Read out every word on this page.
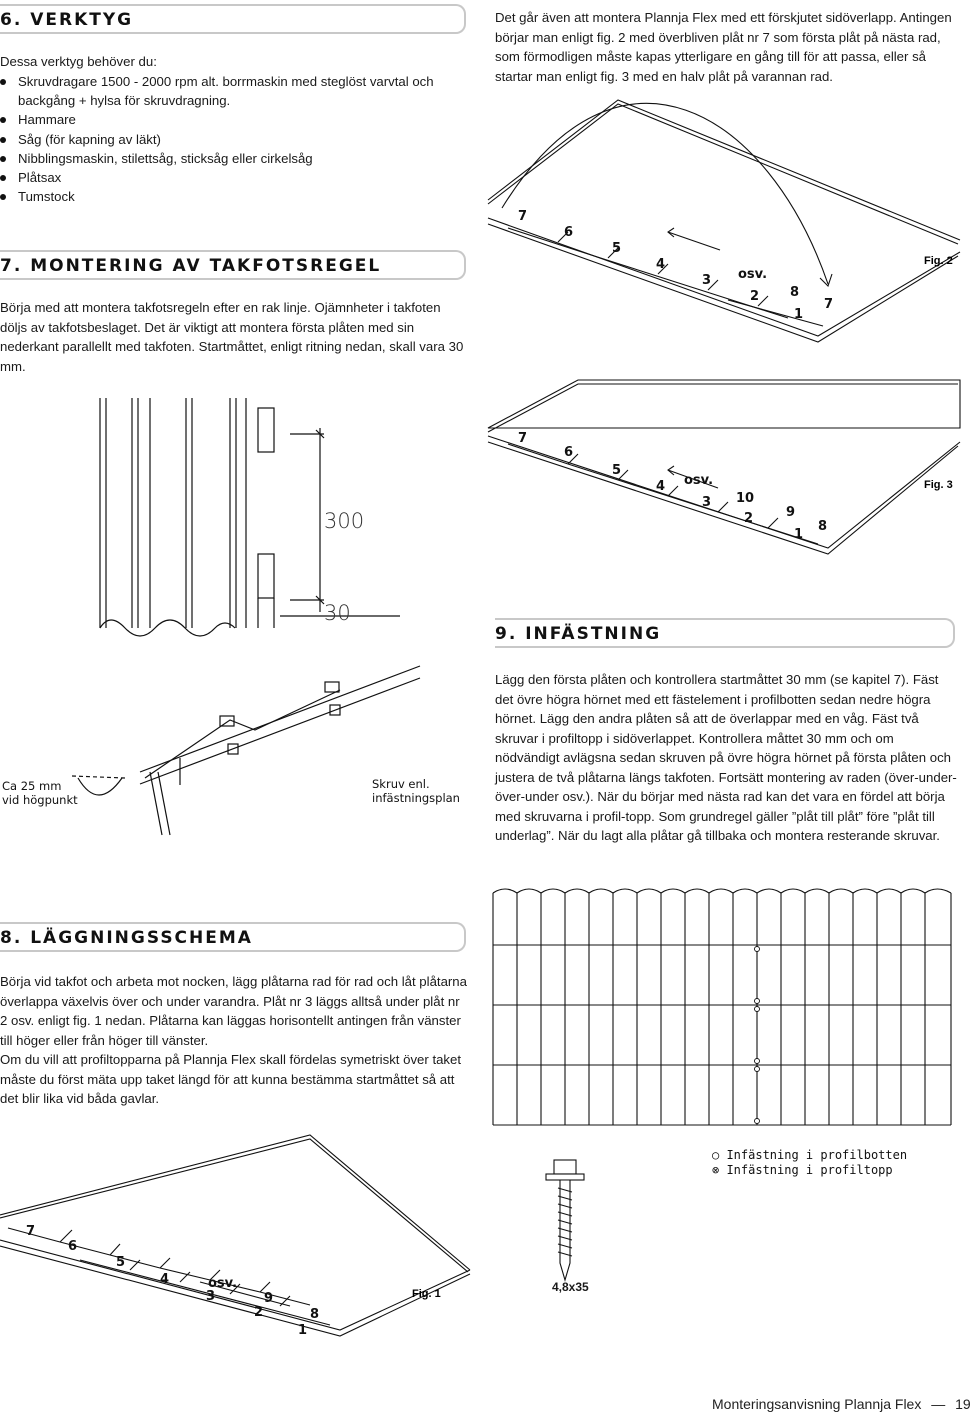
6. VERKTYG
Dessa verktyg behöver du:
Skruvdragare 1500 - 2000 rpm alt. borrmaskin med steglöst varvtal och backgång + hylsa för skruvdragning.
Hammare
Såg (för kapning av läkt)
Nibblingsmaskin, stilettsåg, sticksåg eller cirkelsåg
Plåtsax
Tumstock
7. MONTERING AV TAKFOTSREGEL
Börja med att montera takfotsregeln efter en rak linje. Ojämnheter i takfoten döljs av takfotsbeslaget. Det är viktigt att montera första plåten med sin nederkant parallellt med takfoten. Startmåttet, enligt ritning nedan, skall vara 30 mm.
300
30
Ca 25 mm
vid högpunkt
Skruv enl.
infästningsplan
8. LÄGGNINGSSCHEMA

Börja vid takfot och arbeta mot nocken, lägg plåtarna rad för rad och låt plåtarna överlappa växelvis över och under varandra. Plåt nr 3 läggs alltså under plåt nr 2 osv. enligt fig. 1 nedan. Plåtarna kan läggas horisontellt antingen från vänster till höger eller från höger till vänster.

Om du vill att profiltopparna på Plannja Flex skall fördelas symetriskt över taket måste du först mäta upp taket längd för att kunna bestämma startmåttet så att det blir lika vid båda gavlar.

7
6
5
4
3
2
1
9
8
osv.
Fig. 1
Det går även att montera Plannja Flex med ett förskjutet sidöverlapp. Antingen börjar man enligt fig. 2 med överbliven plåt nr 7 som första plåt på nästa rad, som förmodligen måste kapas ytterligare en gång till för att passa, eller så startar man enligt fig. 3 med en halv plåt på varannan rad.
7
6
5
4
3
2
1
8
7
osv.
Fig. 2
7
6
5
4
3
2
1
10
9
8
osv.	Fig. 3
9. INFÄSTNING
Lägg den första plåten och kontrollera startmåttet 30 mm (se kapitel 7). Fäst det övre högra hörnet med ett fästelement i profilbotten sedan nedre högra hörnet. Lägg den andra plåten så att de överlappar med en våg. Fäst två skruvar i profiltopp i sidöverlappet. Kontrollera måttet 30 mm och om nödvändigt avlägsna sedan skruven på övre högra hörnet på första plåten och justera de två plåtarna längs takfoten. Fortsätt montering av raden (över-under-över-under osv.). När du börjar med nästa rad kan det vara en fördel att börja med skruvarna i profil-topp. Som grundregel gäller ”plåt till plåt” före ”plåt till underlag”. När du lagt alla plåtar gå tillbaka och montera resterande skruvar.
○ Infästning i profilbotten
⊗ Infästning i profiltopp
4,8x35
Monteringsanvisning Plannja Flex — 19
